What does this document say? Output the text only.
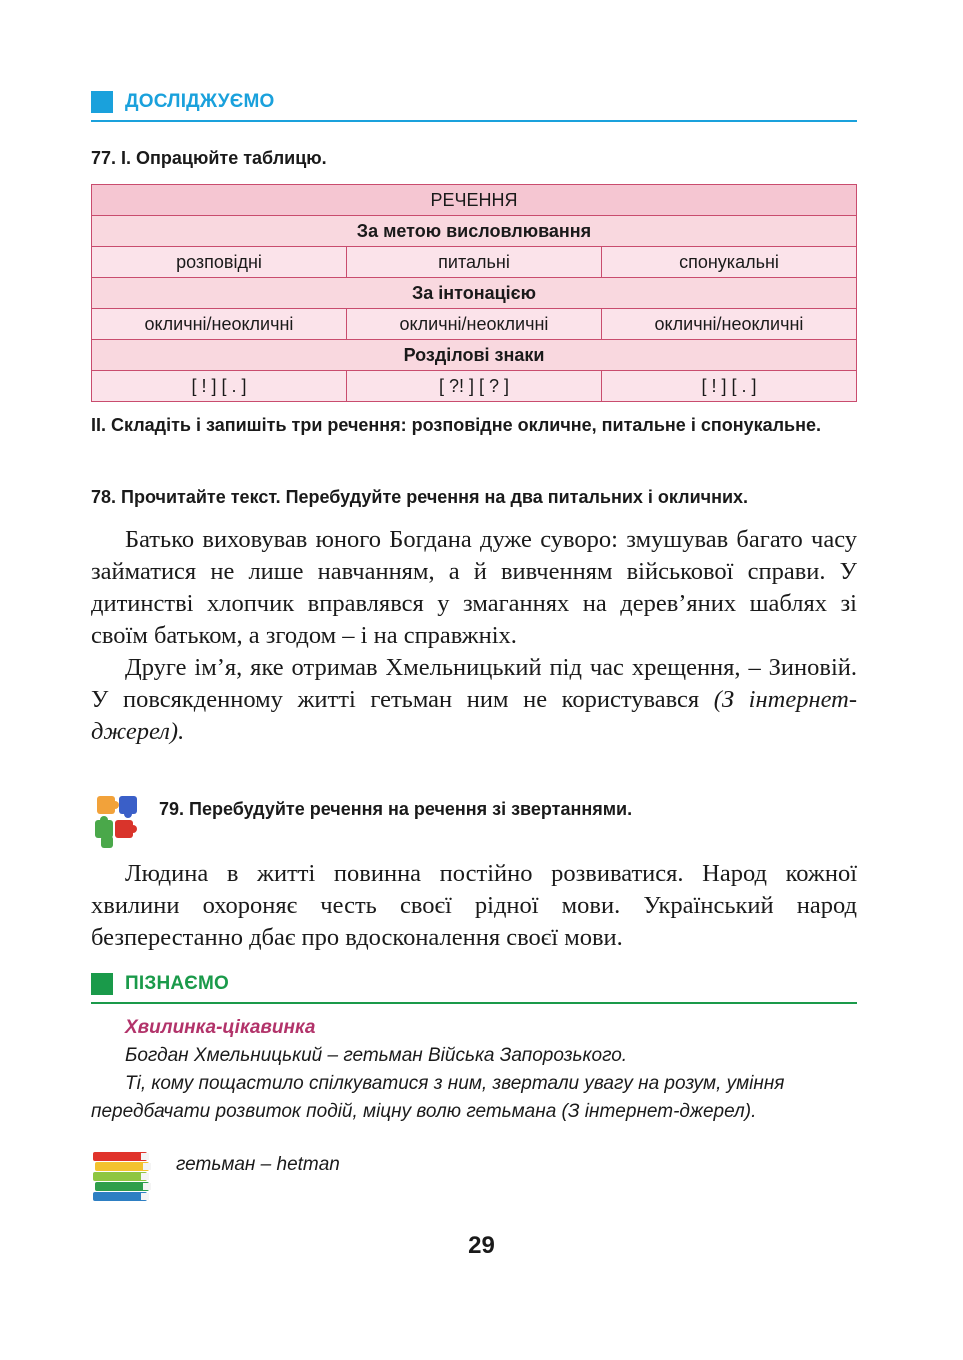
ДОСЛІДЖУЄМО
77. І. Опрацюйте таблицю.
РЕЧЕННЯ		
За метою висловлювання		
розповідні	питальні	спонукальні
За інтонацією		
окличні/неокличні	окличні/неокличні	окличні/неокличні
Розділові знаки		
[ ! ] [ . ]	[ ?! ] [ ? ]	[ ! ] [ . ]
ІІ. Складіть і запишіть три речення: розповідне окличне, питальне і спонукальне.
78. Прочитайте текст. Перебудуйте речення на два питальних і окличних.

Батько виховував юного Богдана дуже суворо: змушував багато часу займатися не лише навчанням, а й вивченням військової справи. У дитинстві хлопчик вправлявся у змаганнях на дерев’яних шаблях зі своїм батьком, а згодом – і на справжніх.

Друге ім’я, яке отримав Хмельницький під час хрещення, – Зиновій. У повсякденному житті гетьман ним не користувався (З інтернет-джерел).

79. Перебудуйте речення на речення зі звертаннями.

Людина в житті повинна постійно розвиватися. Народ кожної хвилини охороняє честь своєї рідної мови. Український народ безперестанно дбає про вдосконалення своєї мови.

ПІЗНАЄМО

Хвилинка-цікавинка

Богдан Хмельницький – гетьман Війська Запорозького.

Ті, кому пощастило спілкуватися з ним, звертали увагу на розум, уміння передбачати розвиток подій, міцну волю гетьмана (З інтернет-джерел).

гетьман – hetman
29
